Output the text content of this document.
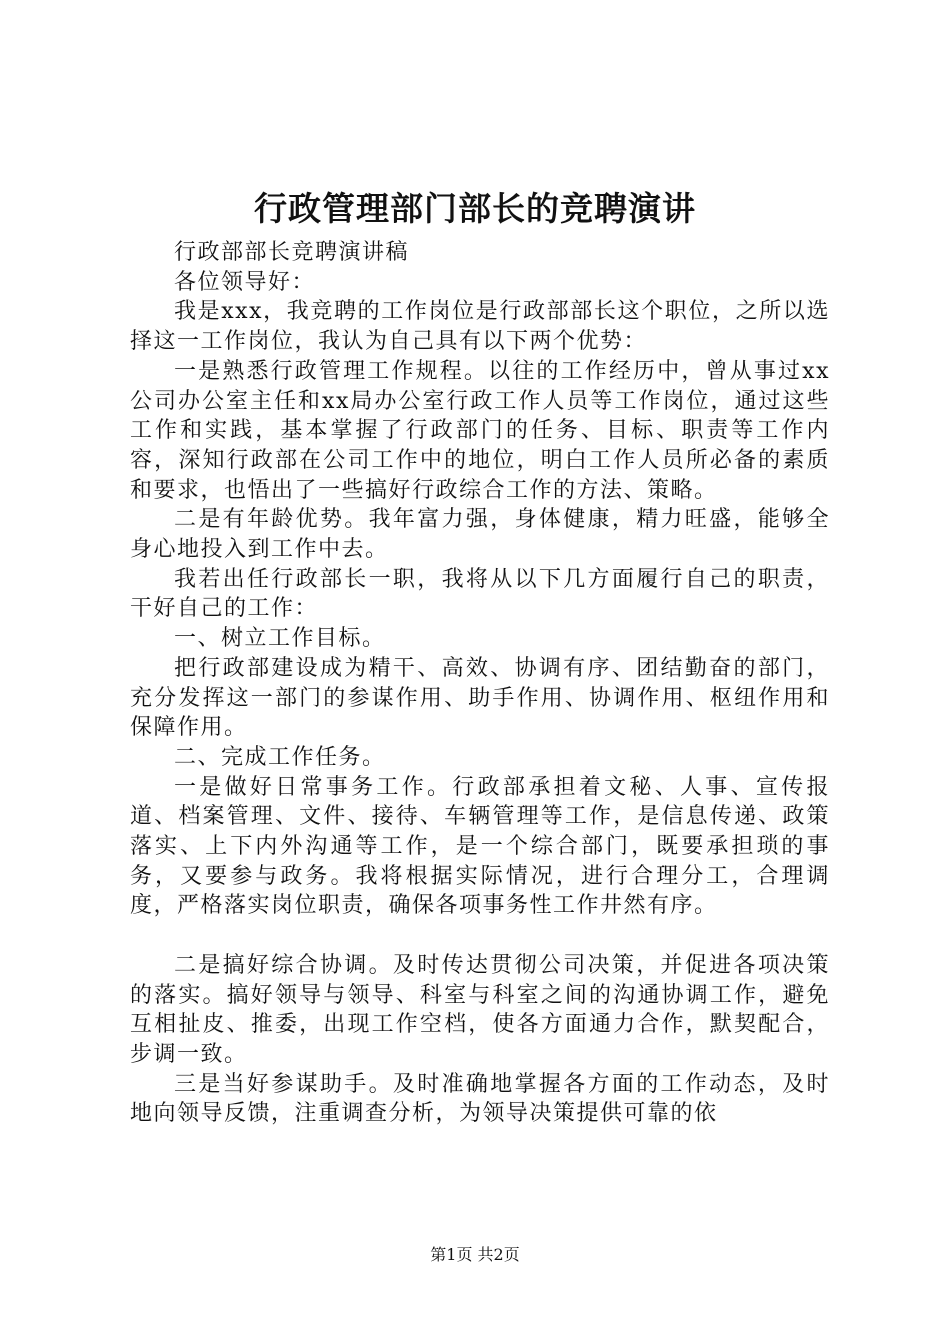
行政管理部门部长的竞聘演讲

行政部部长竞聘演讲稿

各位领导好：

我是xxx，我竞聘的工作岗位是行政部部长这个职位，之所以选择这一工作岗位，我认为自己具有以下两个优势：

一是熟悉行政管理工作规程。以往的工作经历中，曾从事过xx公司办公室主任和xx局办公室行政工作人员等工作岗位，通过这些工作和实践，基本掌握了行政部门的任务、目标、职责等工作内容，深知行政部在公司工作中的地位，明白工作人员所必备的素质和要求，也悟出了一些搞好行政综合工作的方法、策略。

二是有年龄优势。我年富力强，身体健康，精力旺盛，能够全身心地投入到工作中去。

我若出任行政部长一职，我将从以下几方面履行自己的职责，干好自己的工作：

一、树立工作目标。

把行政部建设成为精干、高效、协调有序、团结勤奋的部门，充分发挥这一部门的参谋作用、助手作用、协调作用、枢纽作用和保障作用。

二、完成工作任务。

一是做好日常事务工作。行政部承担着文秘、人事、宣传报道、档案管理、文件、接待、车辆管理等工作，是信息传递、政策落实、上下内外沟通等工作，是一个综合部门，既要承担琐的事务，又要参与政务。我将根据实际情况，进行合理分工，合理调度，严格落实岗位职责，确保各项事务性工作井然有序。

二是搞好综合协调。及时传达贯彻公司决策，并促进各项决策的落实。搞好领导与领导、科室与科室之间的沟通协调工作，避免互相扯皮、推委，出现工作空档，使各方面通力合作，默契配合，步调一致。

三是当好参谋助手。及时准确地掌握各方面的工作动态，及时地向领导反馈，注重调查分析，为领导决策提供可靠的依

第1页 共2页
